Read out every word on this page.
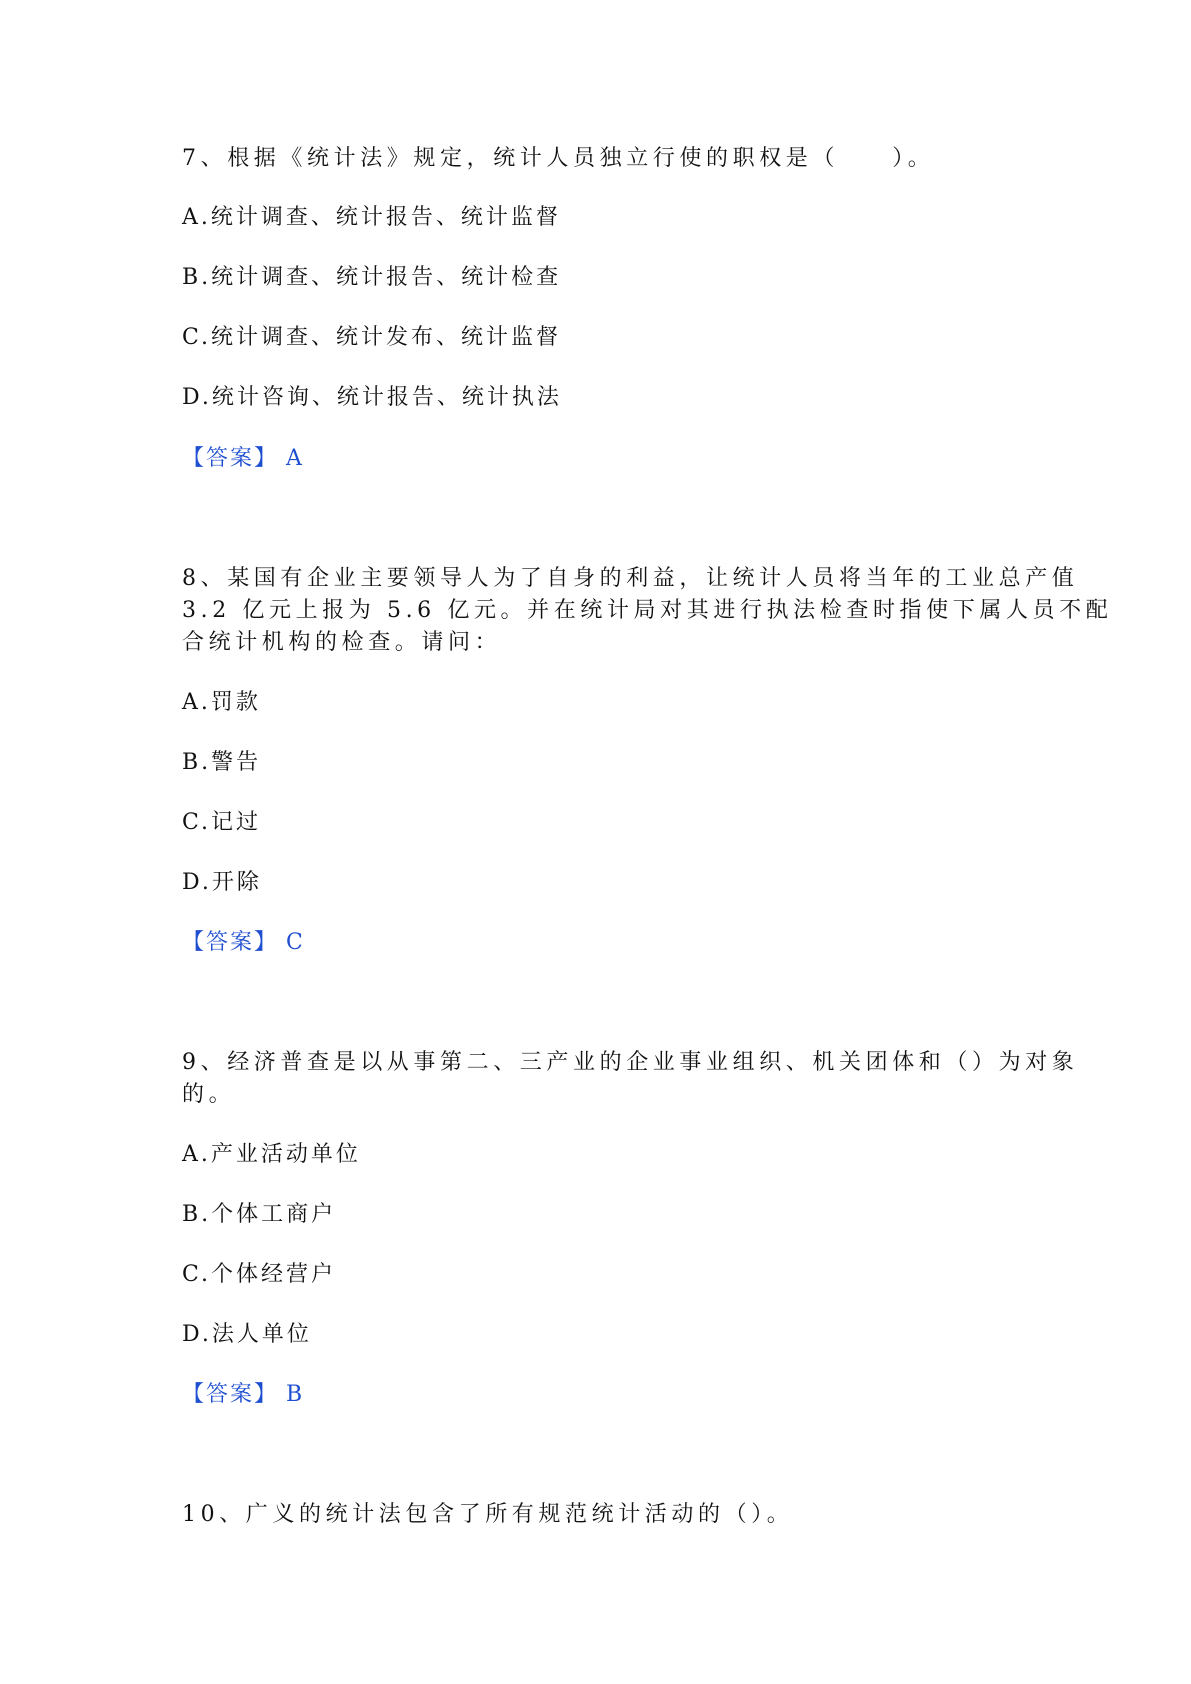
7、根据《统计法》规定，统计人员独立行使的职权是（　　）。
A.统计调查、统计报告、统计监督
B.统计调查、统计报告、统计检查
C.统计调查、统计发布、统计监督
D.统计咨询、统计报告、统计执法
【答案】 A
8、某国有企业主要领导人为了自身的利益，让统计人员将当年的工业总产值
3.2 亿元上报为 5.6 亿元。并在统计局对其进行执法检查时指使下属人员不配
合统计机构的检查。请问：
A.罚款
B.警告
C.记过
D.开除
【答案】 C
9、经济普查是以从事第二、三产业的企业事业组织、机关团体和（）为对象
的。
A.产业活动单位
B.个体工商户
C.个体经营户
D.法人单位
【答案】 B
10、广义的统计法包含了所有规范统计活动的（）。
